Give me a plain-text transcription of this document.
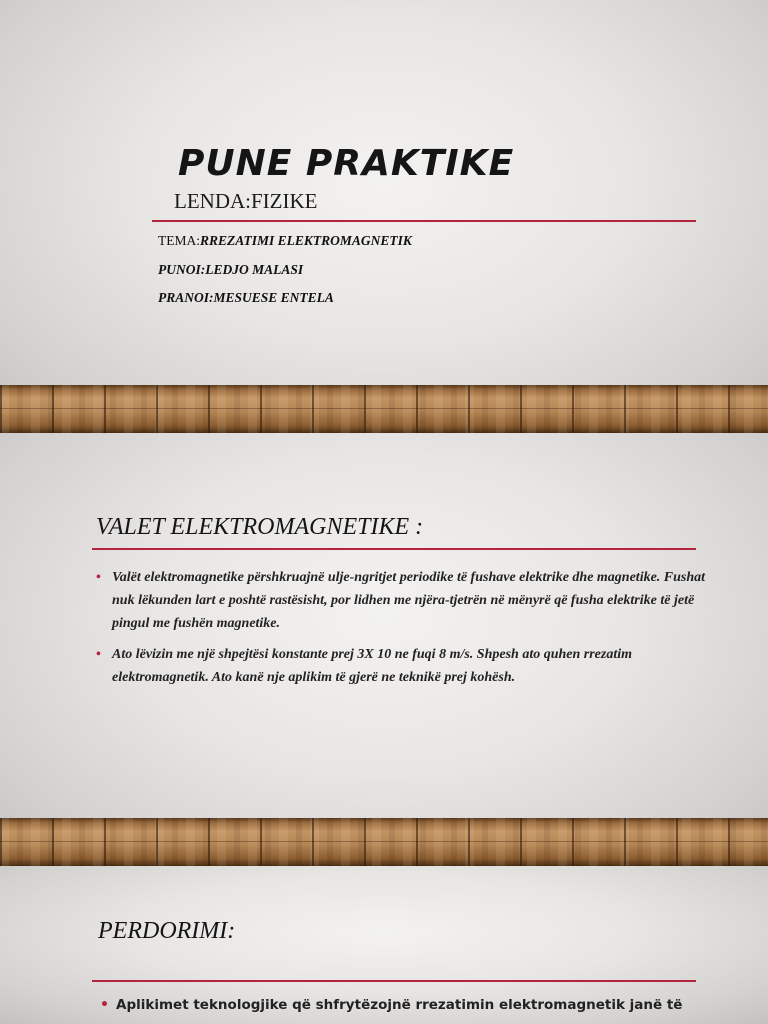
PUNE PRAKTIKE
LENDA:FIZIKE
TEMA:RREZATIMI ELEKTROMAGNETIK
PUNOI:LEDJO MALASI
PRANOI:MESUESE ENTELA
VALET ELEKTROMAGNETIKE :
• Valët elektromagnetike përshkruajnë ulje-ngritjet periodike të fushave elektrike dhe magnetike. Fushat nuk lëkunden lart e poshtë rastësisht, por lidhen me njëra-tjetrën në mënyrë që fusha elektrike të jetë pingul me fushën magnetike.
• Ato lëvizin me një shpejtësi konstante prej 3X 10 ne fuqi 8 m/s. Shpesh ato quhen rrezatim elektromagnetik. Ato kanë nje aplikim të gjerë ne teknikë prej kohësh.
PERDORIMI:
• Aplikimet teknologjike që shfrytëzojnë rrezatimin elektromagnetik janë të
